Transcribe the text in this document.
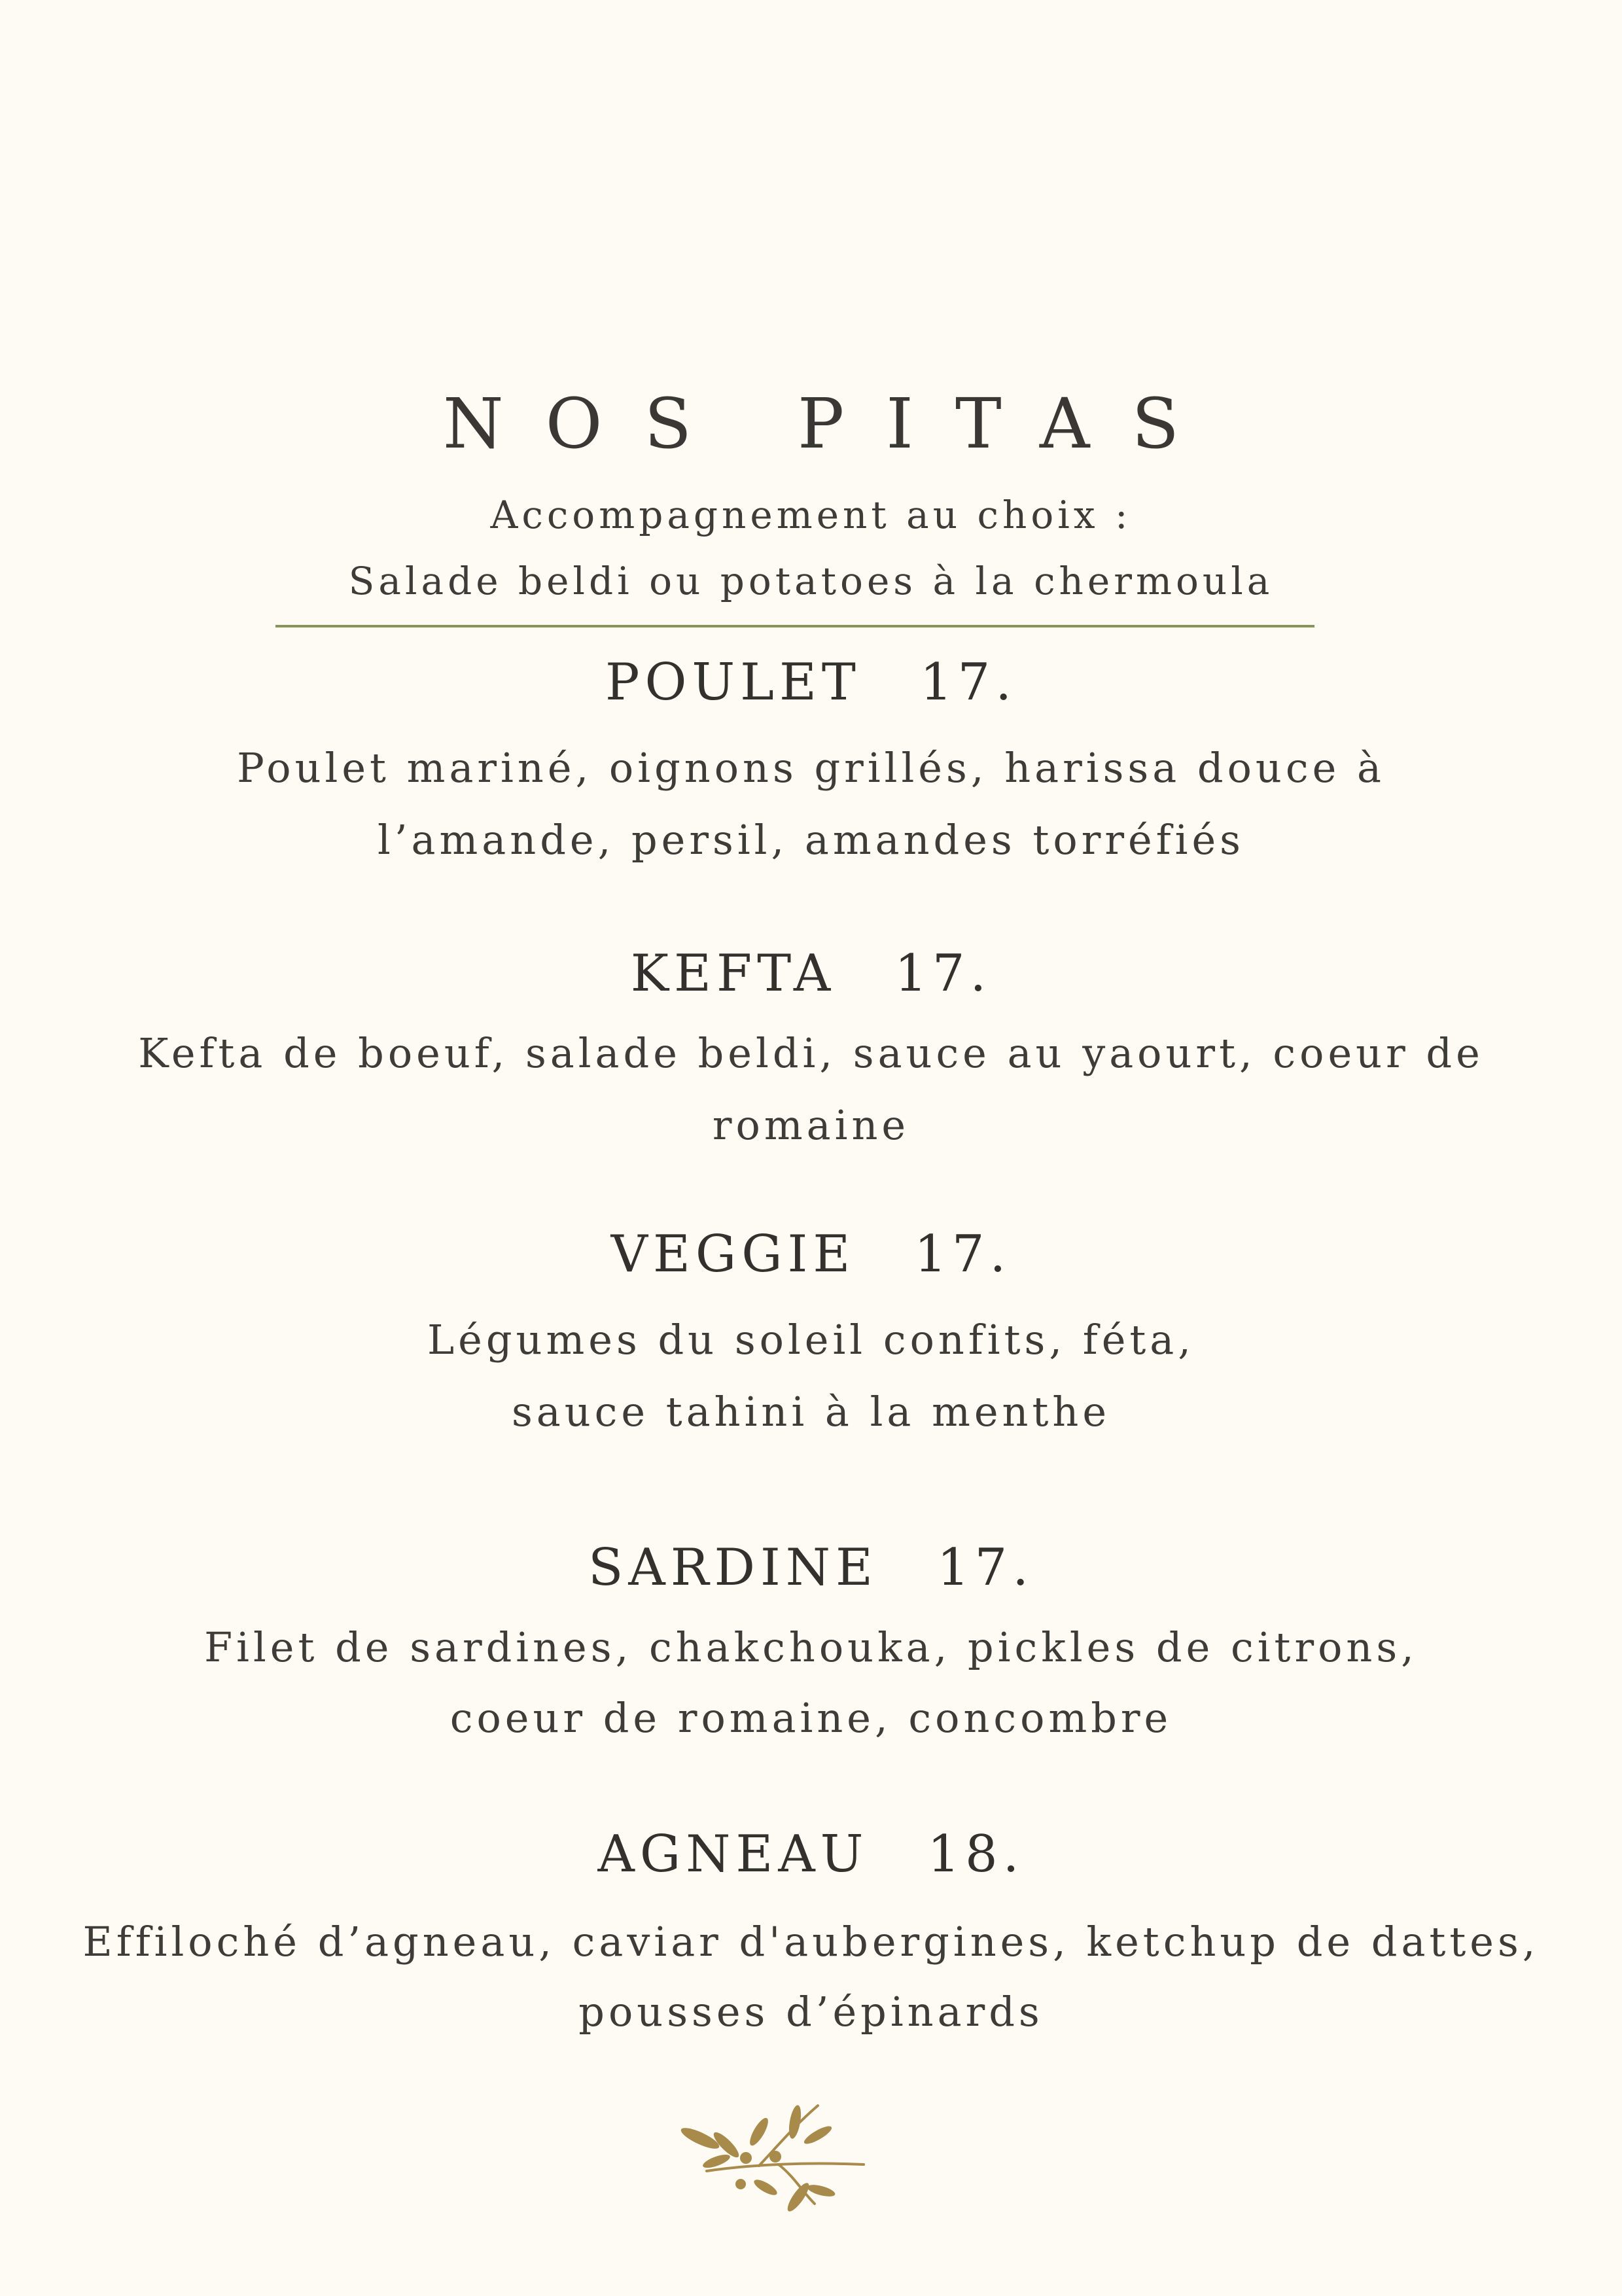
NOS PITAS
Accompagnement au choix :
Salade beldi ou potatoes à la chermoula
POULET 17.
Poulet mariné, oignons grillés, harissa douce à
l’amande, persil, amandes torréfiés
KEFTA 17.
Kefta de boeuf, salade beldi, sauce au yaourt, coeur de
romaine
VEGGIE 17.
Légumes du soleil confits, féta,
sauce tahini à la menthe
SARDINE 17.
Filet de sardines, chakchouka, pickles de citrons,
coeur de romaine, concombre
AGNEAU 18.
Effiloché d’agneau, caviar d'aubergines, ketchup de dattes,
pousses d’épinards
